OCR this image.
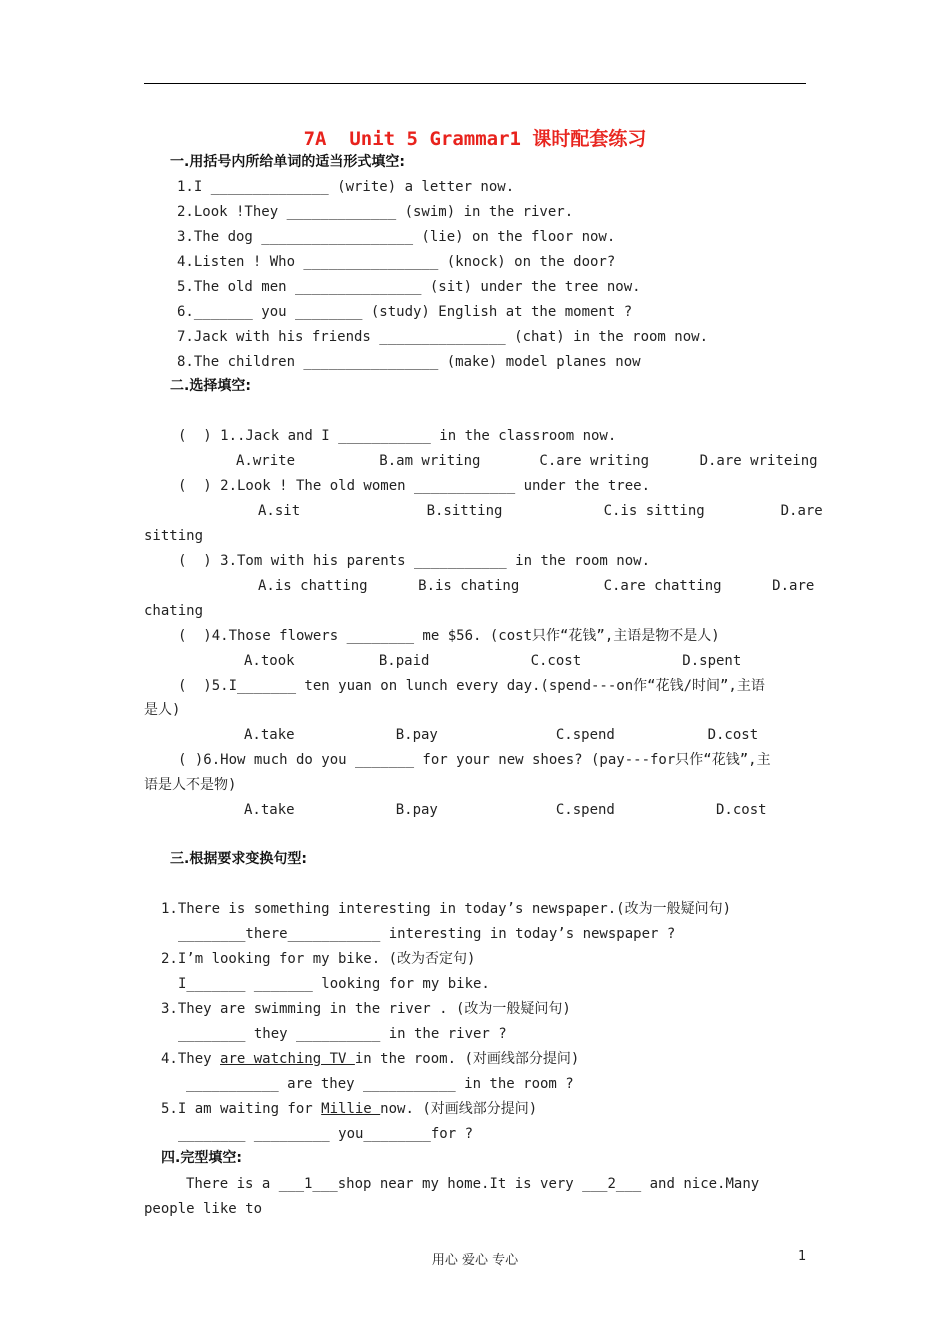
7A  Unit 5 Grammar1 课时配套练习
一.用括号内所给单词的适当形式填空:
1.I ______________ (write) a letter now.
2.Look !They _____________ (swim) in the river.
3.The dog __________________ (lie) on the floor now.
4.Listen ! Who ________________ (knock) on the door?
5.The old men _______________ (sit) under the tree now.
6._______ you ________ (study) English at the moment ?
7.Jack with his friends _______________ (chat) in the room now.
8.The children ________________ (make) model planes now
二.选择填空:
(  ) 1..Jack and I ___________ in the classroom now.
A.write          B.am writing       C.are writing      D.are writeing
(  ) 2.Look ! The old women ____________ under the tree.
A.sit               B.sitting            C.is sitting         D.are
sitting
(  ) 3.Tom with his parents ___________ in the room now.
A.is chatting      B.is chating          C.are chatting      D.are
chating
(  )4.Those flowers ________ me $56. (cost只作“花钱”,主语是物不是人)
A.took          B.paid            C.cost            D.spent
(  )5.I_______ ten yuan on lunch every day.(spend---on作“花钱/时间”,主语
是人)
A.take            B.pay              C.spend           D.cost
( )6.How much do you _______ for your new shoes? (pay---for只作“花钱”,主
语是人不是物)
A.take            B.pay              C.spend            D.cost
三.根据要求变换句型:
1.There is something interesting in today’s newspaper.(改为一般疑问句)
________there___________ interesting in today’s newspaper ?
2.I’m looking for my bike. (改为否定句)
I_______ _______ looking for my bike.
3.They are swimming in the river . (改为一般疑问句)
________ they __________ in the river ?
4.They are watching TV in the room. (对画线部分提问)
___________ are they ___________ in the room ?
5.I am waiting for Millie now. (对画线部分提问)
________ _________ you________for ?
四.完型填空:
There is a ___1___shop near my home.It is very ___2___ and nice.Many
people like to
用心 爱心 专心	1
